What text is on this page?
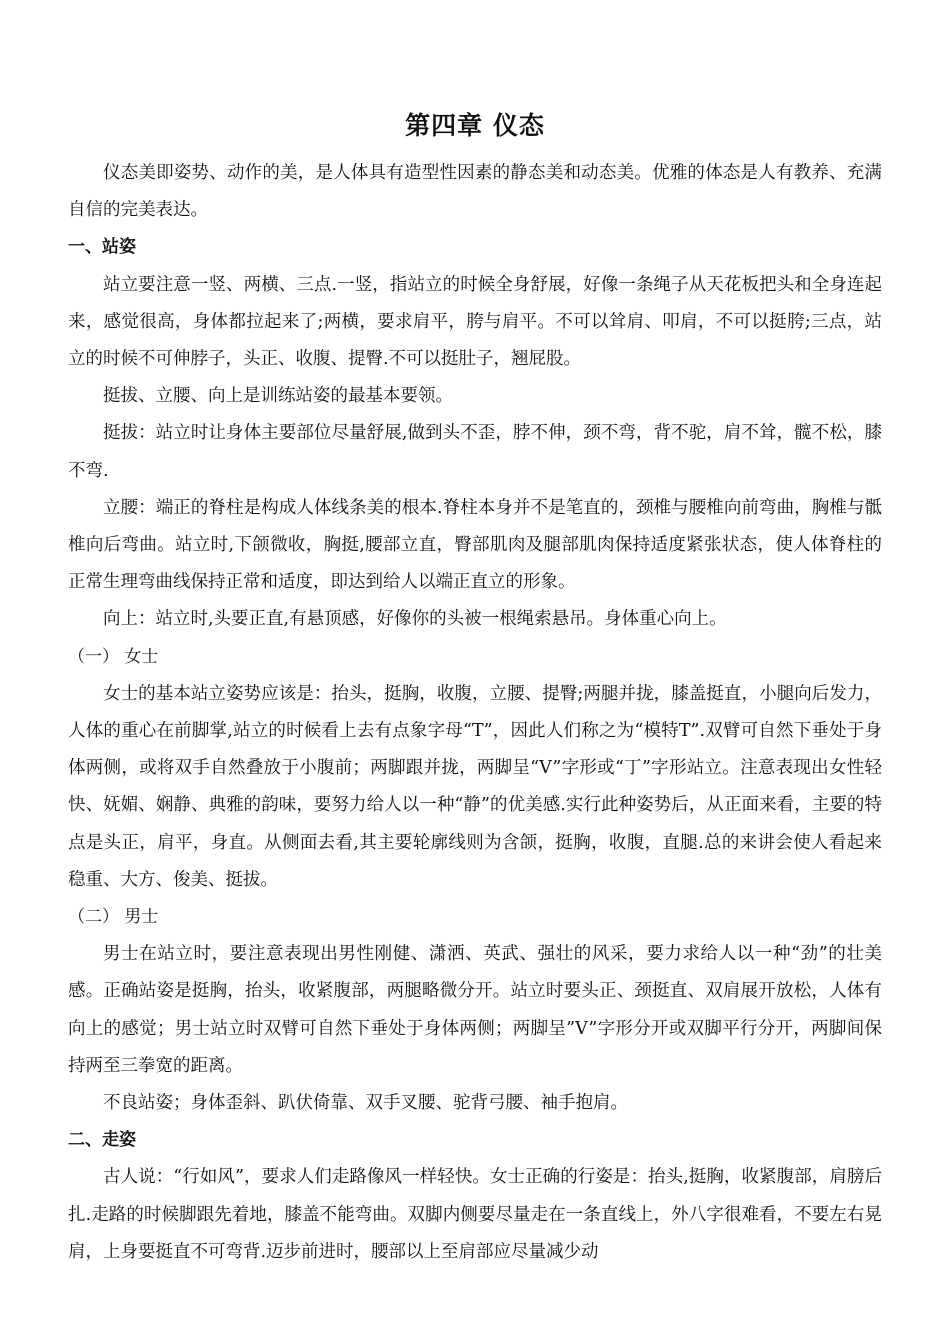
第四章 仪态

仪态美即姿势、动作的美，是人体具有造型性因素的静态美和动态美。优雅的体态是人有教养、充满自信的完美表达。

一、站姿

站立要注意一竖、两横、三点.一竖，指站立的时候全身舒展，好像一条绳子从天花板把头和全身连起来，感觉很高，身体都拉起来了;两横，要求肩平，胯与肩平。不可以耸肩、叩肩，不可以挺胯;三点，站立的时候不可伸脖子，头正、收腹、提臀.不可以挺肚子，翘屁股。

挺拔、立腰、向上是训练站姿的最基本要领。

挺拔：站立时让身体主要部位尽量舒展,做到头不歪，脖不伸，颈不弯，背不驼，肩不耸，髋不松，膝不弯.

立腰：端正的脊柱是构成人体线条美的根本.脊柱本身并不是笔直的，颈椎与腰椎向前弯曲，胸椎与骶椎向后弯曲。站立时,下颌微收，胸挺,腰部立直，臀部肌肉及腿部肌肉保持适度紧张状态，使人体脊柱的正常生理弯曲线保持正常和适度，即达到给人以端正直立的形象。

向上：站立时,头要正直,有悬顶感，好像你的头被一根绳索悬吊。身体重心向上。

（一） 女士

女士的基本站立姿势应该是：抬头，挺胸，收腹，立腰、提臀;两腿并拢，膝盖挺直，小腿向后发力，人体的重心在前脚掌,站立的时候看上去有点象字母“T”，因此人们称之为“模特T”.双臂可自然下垂处于身体两侧，或将双手自然叠放于小腹前；两脚跟并拢，两脚呈“V”字形或“丁”字形站立。注意表现出女性轻快、妩媚、娴静、典雅的韵味，要努力给人以一种“静”的优美感.实行此种姿势后，从正面来看，主要的特点是头正，肩平，身直。从侧面去看,其主要轮廓线则为含颌，挺胸，收腹，直腿.总的来讲会使人看起来稳重、大方、俊美、挺拔。

（二） 男士

男士在站立时，要注意表现出男性刚健、潇洒、英武、强壮的风采，要力求给人以一种“劲”的壮美感。正确站姿是挺胸，抬头，收紧腹部，两腿略微分开。站立时要头正、颈挺直、双肩展开放松，人体有向上的感觉；男士站立时双臂可自然下垂处于身体两侧；两脚呈”V”字形分开或双脚平行分开，两脚间保持两至三拳宽的距离。

不良站姿；身体歪斜、趴伏倚靠、双手叉腰、驼背弓腰、袖手抱肩。

二、走姿

古人说：“行如风”，要求人们走路像风一样轻快。女士正确的行姿是：抬头,挺胸，收紧腹部，肩膀后扎.走路的时候脚跟先着地，膝盖不能弯曲。双脚内侧要尽量走在一条直线上，外八字很难看，不要左右晃肩，上身要挺直不可弯背.迈步前进时，腰部以上至肩部应尽量减少动
